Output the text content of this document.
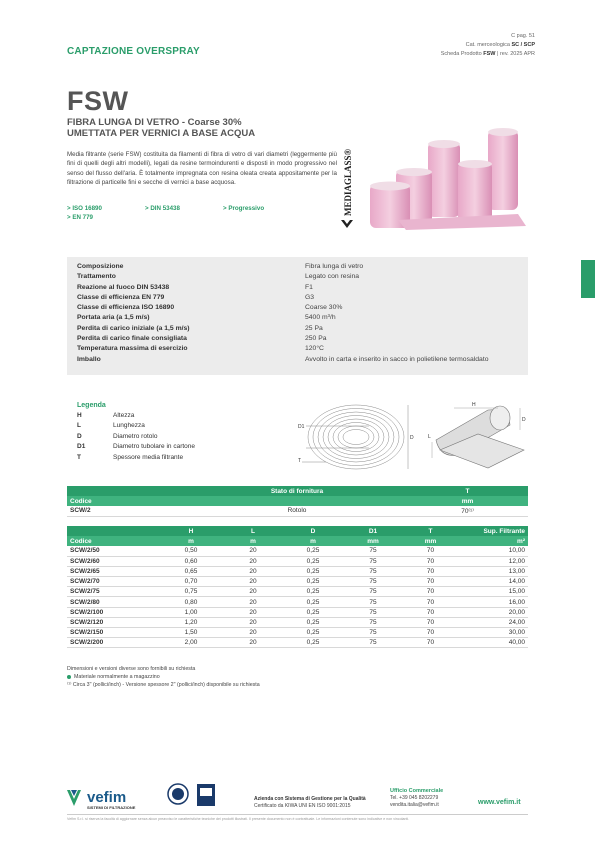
C pag. 51
Cat. merceologica SC / SCP
Scheda Prodotto FSW | rev. 2025 APR
CAPTAZIONE OVERSPRAY
FSW
FIBRA LUNGA DI VETRO - Coarse 30%
UMETTATA PER VERNICI A BASE ACQUA
Media filtrante (serie FSW) costituita da filamenti di fibra di vetro di vari diametri (leggermente più fini di quelli degli altri modelli), legati da resine termoindurenti e disposti in modo progressivo nel senso del flusso dell'aria. È totalmente impregnata con resina oleata creata appositamente per la filtrazione di particelle fini e secche di vernici a base acquosa.
> ISO 16890	> DIN 53438	> Progressivo
> EN 779
MEDIAGLASS®
Composizione	Fibra lunga di vetro
Trattamento	Legato con resina
Reazione al fuoco DIN 53438	F1
Classe di efficienza EN 779	G3
Classe di efficienza ISO 16890	Coarse 30%
Portata aria (a 1,5 m/s)	5400 m³/h
Perdita di carico iniziale (a 1,5 m/s)	25 Pa
Perdita di carico finale consigliata	250 Pa
Temperatura massima di esercizio	120°C
Imballo	Avvolto in carta e inserito in sacco in polietilene termosaldato
Legenda
H	Altezza
L	Lunghezza
D	Diametro rotolo
D1	Diametro tubolare in cartone
T	Spessore media filtrante
D1
D
T
H
D
L
	Stato di fornitura	T
Codice		mm
SCW/2	Rotolo	70⁽¹⁾
	H	L	D	D1	T	Sup. Filtrante
Codice	m	m	m	mm	mm	m²
SCW/2/50	0,50	20	0,25	75	70	10,00
SCW/2/60	0,60	20	0,25	75	70	12,00
SCW/2/65	0,65	20	0,25	75	70	13,00
SCW/2/70	0,70	20	0,25	75	70	14,00
SCW/2/75	0,75	20	0,25	75	70	15,00
SCW/2/80	0,80	20	0,25	75	70	16,00
SCW/2/100	1,00	20	0,25	75	70	20,00
SCW/2/120	1,20	20	0,25	75	70	24,00
SCW/2/150	1,50	20	0,25	75	70	30,00
SCW/2/200	2,00	20	0,25	75	70	40,00
Dimensioni e versioni diverse sono fornibili su richiesta
Materiale normalmente a magazzino
⁽¹⁾ Circa 3" (pollici/inch) - Versione spessore 2" (pollici/inch) disponibile su richiesta
vefim
SISTEMI DI FILTRAZIONE
Azienda con Sistema di Gestione per la Qualità
Certificato da KIWA UNI EN ISO 9001:2015
Ufficio Commerciale
Tel. +39 045 8202279
vendita.italia@vefim.it	www.vefim.it
Vefim S.r.l. si riserva la facoltà di aggiornare senza alcun preavviso le caratteristiche tecniche dei prodotti illustrati. Il presente documento non è contrattuale. Le informazioni contenute sono indicative e non vincolanti.
